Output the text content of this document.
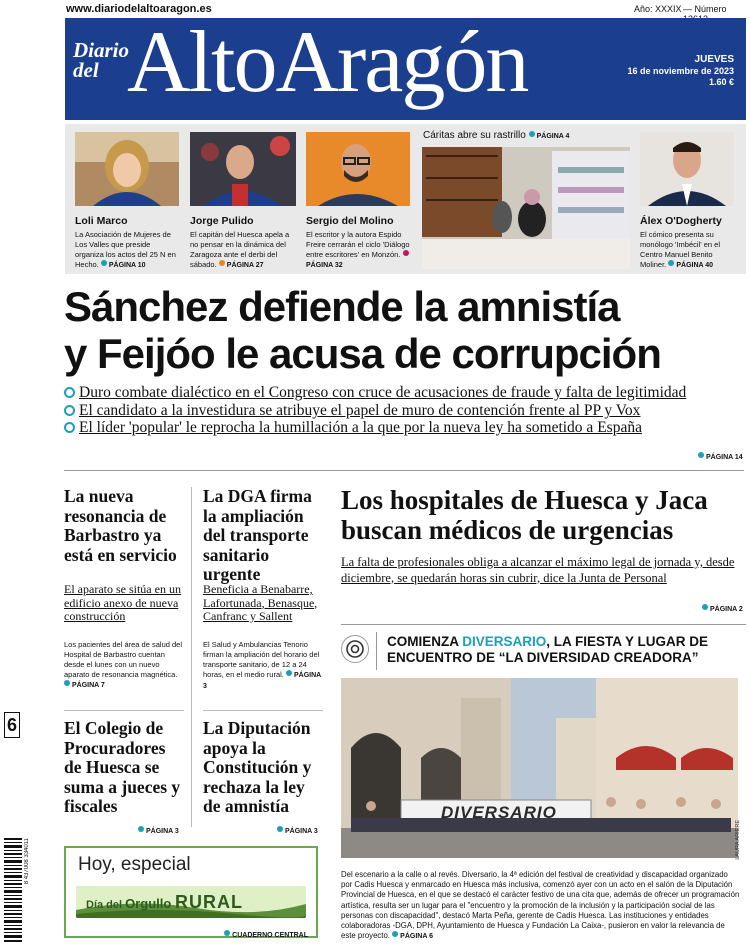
www.diariodelaltoaragon.es	Año: XXXIX — Número
Diario
del AltoAragón	JUEVES
16 de noviembre de 2023
1.60 €
Loli Marco
La Asociación de Mujeres de Los Valles que preside organiza los actos del 25 N en Hecho. PÁGINA 10
Jorge Pulido
El capitán del Huesca apela a no pensar en la dinámica del Zaragoza ante el derbi del sábado. PÁGINA 27
Sergio del Molino
El escritor y la autora Espido Freire cerrarán el ciclo 'Diálogo entre escritores' en Monzón. PÁGINA 32
Cáritas abre su rastrillo PÁGINA 4
Álex O'Dogherty
El cómico presenta su monólogo 'Imbécil' en el Centro Manuel Benito Moliner. PÁGINA 40
Sánchez defiende la amnistía
y Feijóo le acusa de corrupción
Duro combate dialéctico en el Congreso con cruce de acusaciones de fraude y falta de legitimidad
El candidato a la investidura se atribuye el papel de muro de contención frente al PP y Vox
El líder 'popular' le reprocha la humillación a la que por la nueva ley ha sometido a España
PÁGINA 14
La nueva resonancia de Barbastro ya está en servicio
El aparato se sitúa en un edificio anexo de nueva construcción
Los pacientes del área de salud del Hospital de Barbastro cuentan desde el lunes con un nuevo aparato de resonancia magnética. PÁGINA 7
El Colegio de Procuradores de Huesca se suma a jueces y fiscales
PÁGINA 3
La DGA firma la ampliación del transporte sanitario urgente
Beneficia a Benabarre, Lafortunada, Benasque, Canfranc y Sallent
El Salud y Ambulancias Tenorio firman la ampliación del horario del transporte sanitario, de 12 a 24 horas, en el medio rural. PÁGINA 3
La Diputación apoya la Constitución y rechaza la ley de amnistía
PÁGINA 3
Los hospitales de Huesca y Jaca buscan médicos de urgencias
La falta de profesionales obliga a alcanzar el máximo legal de jornada y, desde diciembre, se quedarán horas sin cubrir, dice la Junta de Personal
PÁGINA 2
COMIENZA DIVERSARIO, LA FIESTA Y LUGAR DE ENCUENTRO DE “LA DIVERSIDAD CREADORA”
DIVERSARIO
LAURA ARIERE
Del escenario a la calle o al revés. Diversario, la 4ª edición del festival de creatividad y discapacidad organizado por Cadis Huesca y enmarcado en Huesca más inclusiva, comenzó ayer con un acto en el salón de la Diputación Provincial de Huesca, en el que se destacó el carácter festivo de una cita que, además de ofrecer un programación artística, resulta ser un lugar para el "encuentro y la promoción de la inclusión y la participación social de las personas con discapacidad", destacó Marta Peña, gerente de Cadis Huesca. Las instituciones y entidades colaboradoras -DGA, DPH, Ayuntamiento de Huesca y Fundación La Caixa-, pusieron en valor la relevancia de este proyecto. PÁGINA 6
Hoy, especial
Día del Orgullo RURAL
CUADERNO CENTRAL
6
8 437008 334011
